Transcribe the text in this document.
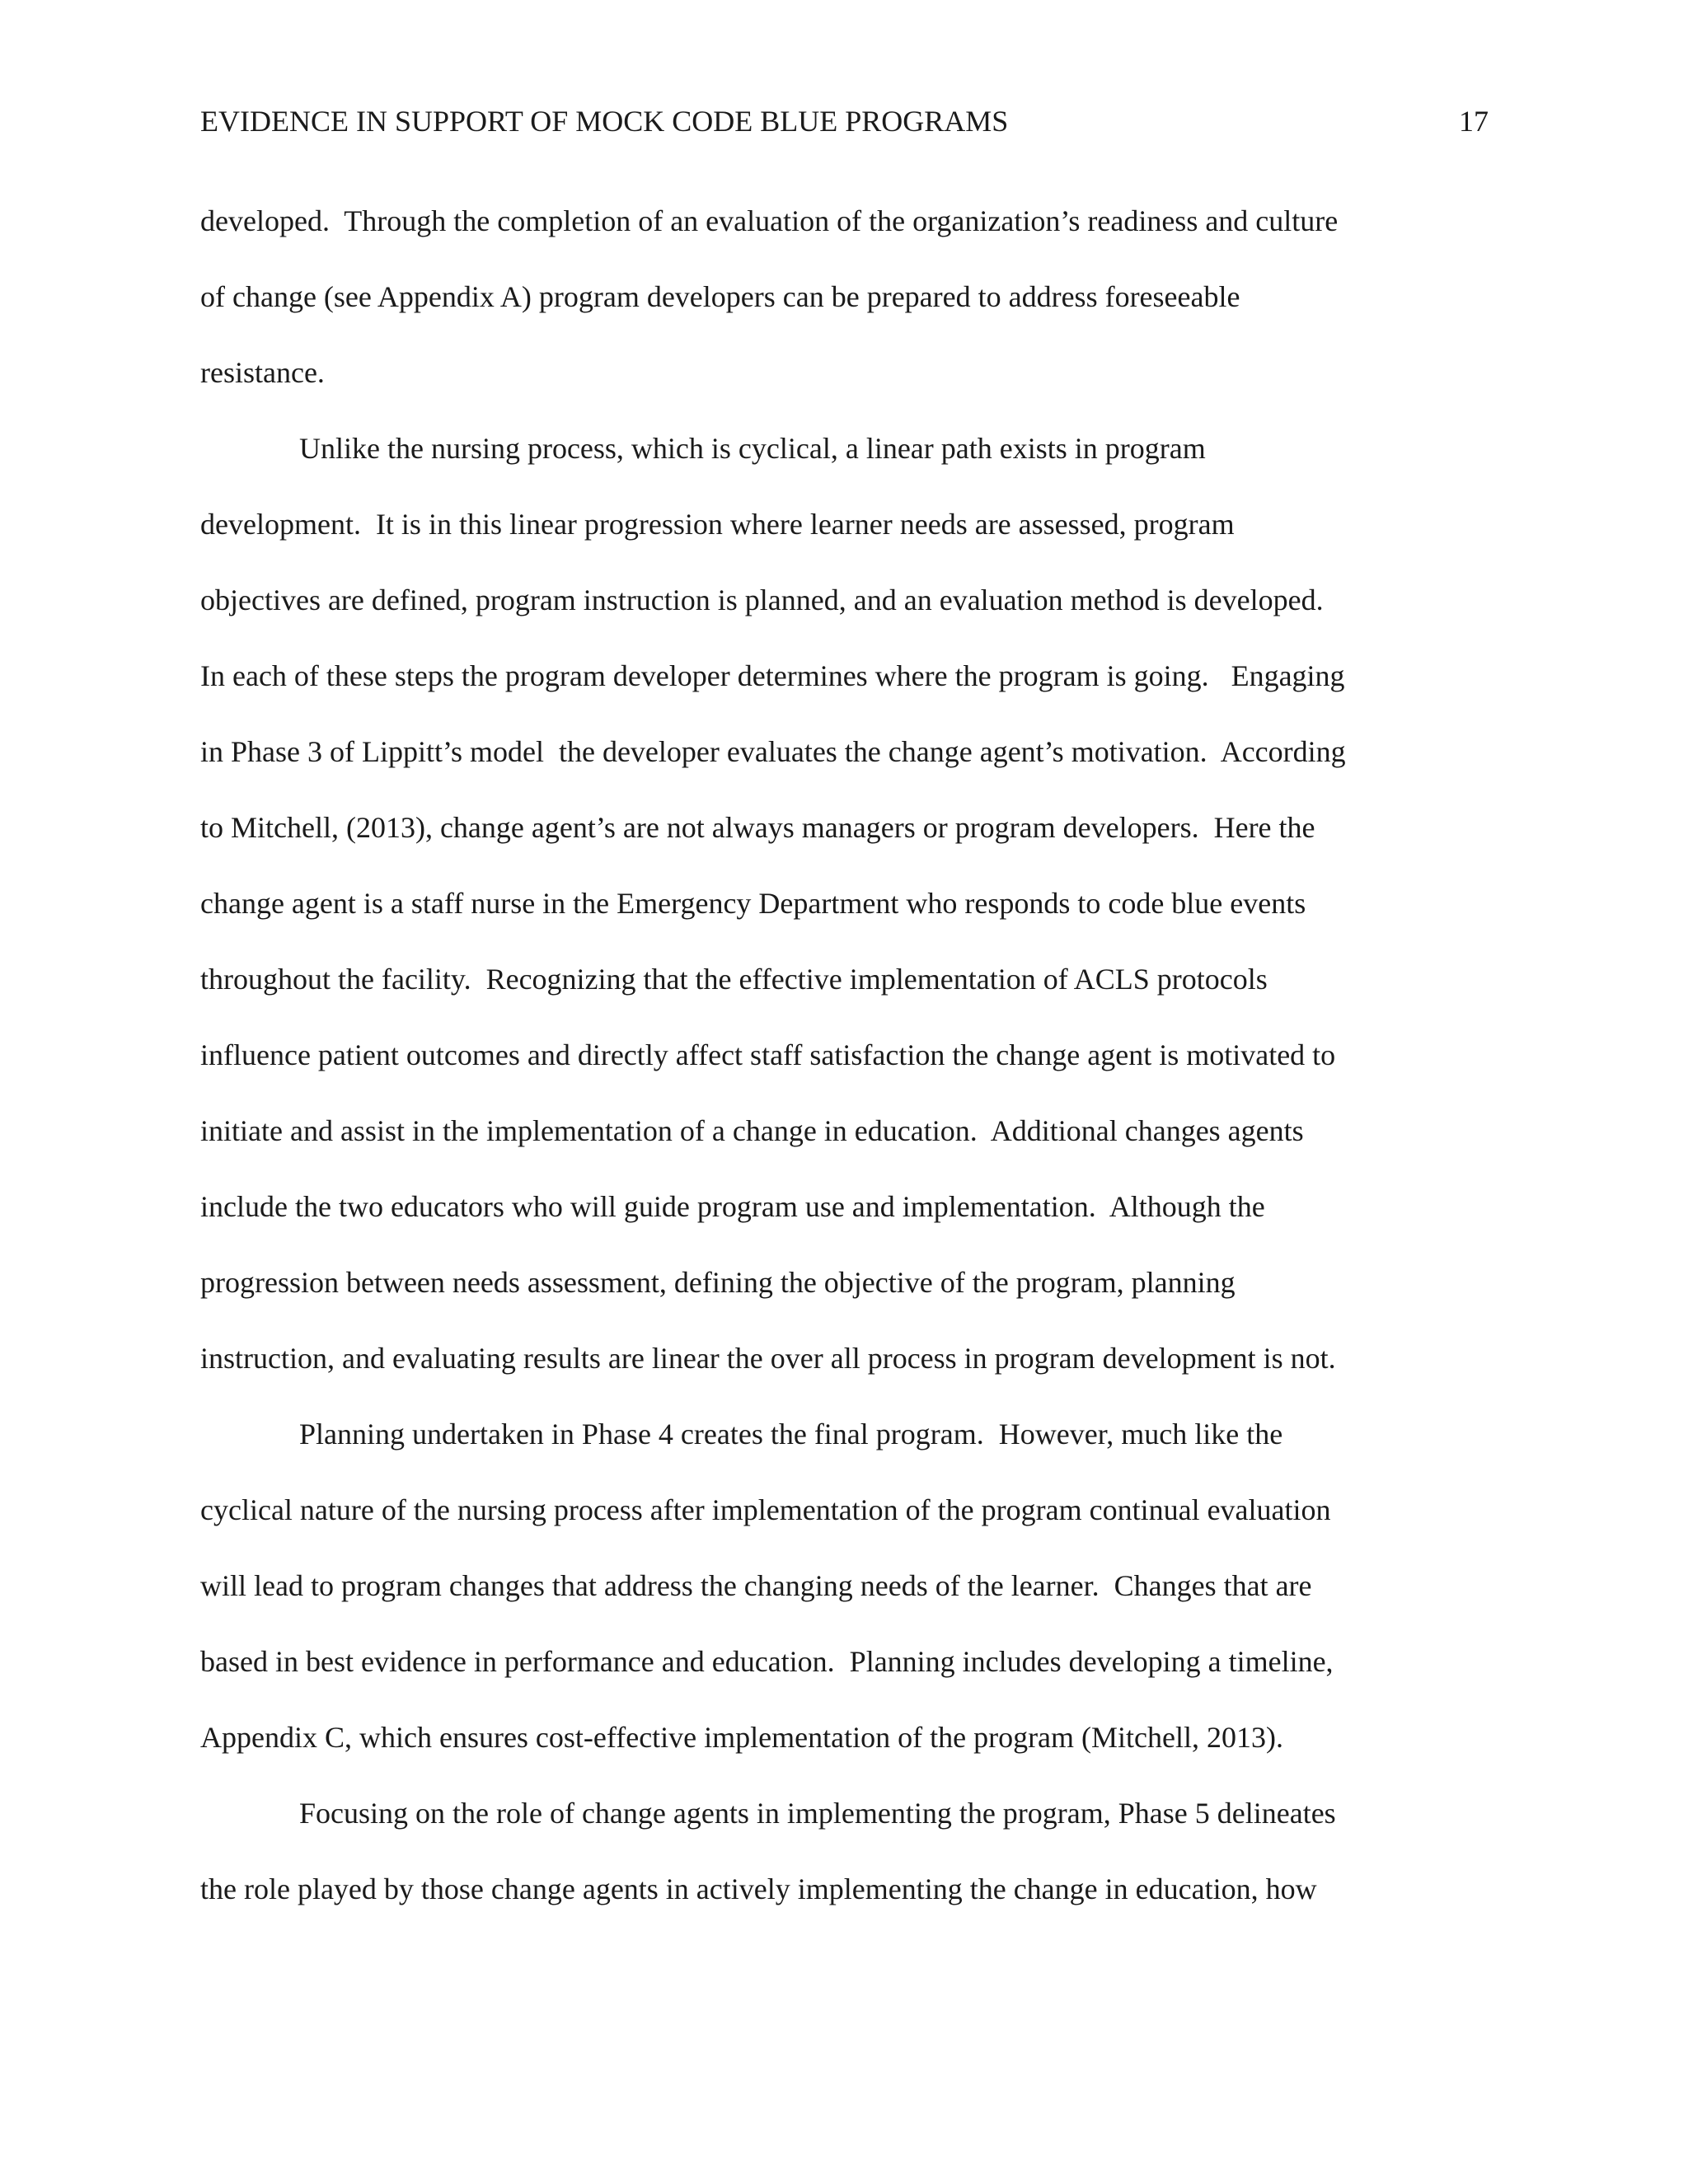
EVIDENCE IN SUPPORT OF MOCK CODE BLUE PROGRAMS	17
developed.  Through the completion of an evaluation of the organization’s readiness and culture
of change (see Appendix A) program developers can be prepared to address foreseeable
resistance.
Unlike the nursing process, which is cyclical, a linear path exists in program
development.  It is in this linear progression where learner needs are assessed, program
objectives are defined, program instruction is planned, and an evaluation method is developed.
In each of these steps the program developer determines where the program is going.   Engaging
in Phase 3 of Lippitt’s model  the developer evaluates the change agent’s motivation.  According
to Mitchell, (2013), change agent’s are not always managers or program developers.  Here the
change agent is a staff nurse in the Emergency Department who responds to code blue events
throughout the facility.  Recognizing that the effective implementation of ACLS protocols
influence patient outcomes and directly affect staff satisfaction the change agent is motivated to
initiate and assist in the implementation of a change in education.  Additional changes agents
include the two educators who will guide program use and implementation.  Although the
progression between needs assessment, defining the objective of the program, planning
instruction, and evaluating results are linear the over all process in program development is not.
Planning undertaken in Phase 4 creates the final program.  However, much like the
cyclical nature of the nursing process after implementation of the program continual evaluation
will lead to program changes that address the changing needs of the learner.  Changes that are
based in best evidence in performance and education.  Planning includes developing a timeline,
Appendix C, which ensures cost-effective implementation of the program (Mitchell, 2013).
Focusing on the role of change agents in implementing the program, Phase 5 delineates
the role played by those change agents in actively implementing the change in education, how
